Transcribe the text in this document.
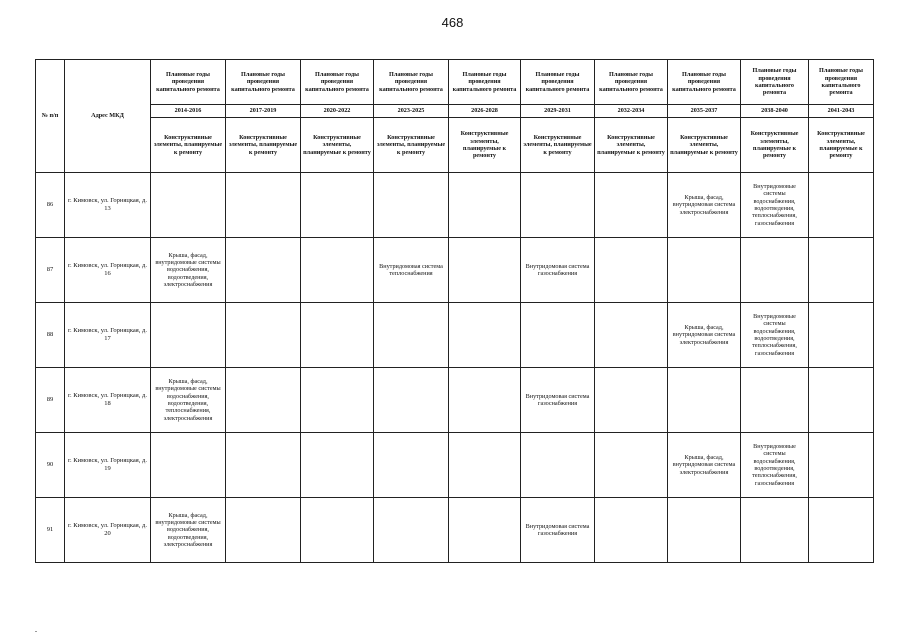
468
№ п/п	Адрес МКД	Плановые годы проведения капитального ремонта	Плановые годы проведения капитального ремонта	Плановые годы проведения капитального ремонта	Плановые годы проведения капитального ремонта	Плановые годы проведения капитального ремонта	Плановые годы проведения капитального ремонта	Плановые годы проведения капитального ремонта	Плановые годы проведения капитального ремонта	Плановые годы проведения капитального ремонта	Плановые годы проведения капитального ремонта
		2014-2016	2017-2019	2020-2022	2023-2025	2026-2028	2029-2031	2032-2034	2035-2037	2038-2040	2041-2043
		Конструктивные элементы, планируемые к ремонту	Конструктивные элементы, планируемые к ремонту	Конструктивные элементы, планируемые к ремонту	Конструктивные элементы, планируемые к ремонту	Конструктивные элементы, планируемые к ремонту	Конструктивные элементы, планируемые к ремонту	Конструктивные элементы, планируемые к ремонту	Конструктивные элементы, планируемые к ремонту	Конструктивные элементы, планируемые к ремонту	Конструктивные элементы, планируемые к ремонту
86	г. Кимовск, ул. Горняцкая, д. 13								Крыша, фасад, внутридомовая система электроснабжения	Внутридомовые системы водоснабжения, водоотведения, теплоснабжения, газоснабжения	
87	г. Кимовск, ул. Горняцкая, д. 16	Крыша, фасад, внутридомовые системы водоснабжения, водоотведения, электроснабжения			Внутридомовая система теплоснабжения		Внутридомовая система газоснабжения				
88	г. Кимовск, ул. Горняцкая, д. 17								Крыша, фасад, внутридомовая система электроснабжения	Внутридомовые системы водоснабжения, водоотведения, теплоснабжения, газоснабжения	
89	г. Кимовск, ул. Горняцкая, д. 18	Крыша, фасад, внутридомовые системы водоснабжения, водоотведения, теплоснабжения, электроснабжения					Внутридомовая система газоснабжения				
90	г. Кимовск, ул. Горняцкая, д. 19								Крыша, фасад, внутридомовая система электроснабжения	Внутридомовые системы водоснабжения, водоотведения, теплоснабжения, газоснабжения	
91	г. Кимовск, ул. Горняцкая, д. 20	Крыша, фасад, внутридомовые системы водоснабжения, водоотведения, электроснабжения					Внутридомовая система газоснабжения				
